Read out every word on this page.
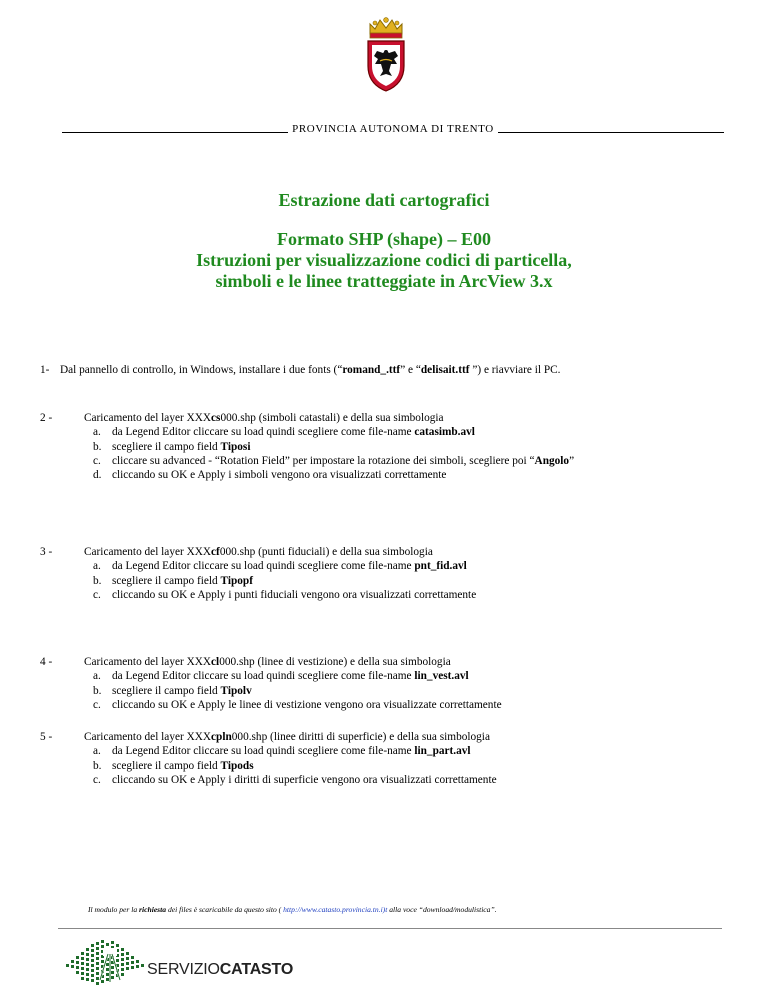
PROVINCIA AUTONOMA DI TRENTO
Estrazione dati cartografici
Formato SHP (shape) – E00
Istruzioni per visualizzazione codici di particella,
simboli e le linee tratteggiate in ArcView 3.x
1- Dal pannello di controllo, in Windows, installare i due fonts (“romand_.ttf” e “delisait.ttf ”) e riavviare il PC.
2 -	Caricamento del layer XXXcs000.shp (simboli catastali) e della sua simbologia
a. da Legend Editor cliccare su load quindi scegliere come file-name catasimb.avl
b. scegliere il campo field Tiposi
c. cliccare su advanced - “Rotation Field” per impostare la rotazione dei simboli, scegliere poi “Angolo”
d. cliccando su OK e Apply i simboli vengono ora visualizzati correttamente
3 -	Caricamento del layer XXXcf000.shp (punti fiduciali) e della sua simbologia
a. da Legend Editor cliccare su load quindi scegliere come file-name pnt_fid.avl
b. scegliere il campo field Tipopf
c. cliccando su OK e Apply i punti fiduciali vengono ora visualizzati correttamente
4 -	Caricamento del layer XXXcl000.shp (linee di vestizione) e della sua simbologia
a. da Legend Editor cliccare su load quindi scegliere come file-name lin_vest.avl
b. scegliere il campo field Tipolv
c. cliccando su OK e Apply le linee di vestizione vengono ora visualizzate correttamente
5 -	Caricamento del layer XXXcpln000.shp (linee diritti di superficie) e della sua simbologia
a. da Legend Editor cliccare su load quindi scegliere come file-name lin_part.avl
b. scegliere il campo field Tipods
c. cliccando su OK e Apply i diritti di superficie vengono ora visualizzati correttamente
Il modulo per la richiesta dei files è scaricabile da questo sito ( http://www.catasto.provincia.tn.i)t alla voce “download/modulistica”.
SERVIZIOCATASTO
